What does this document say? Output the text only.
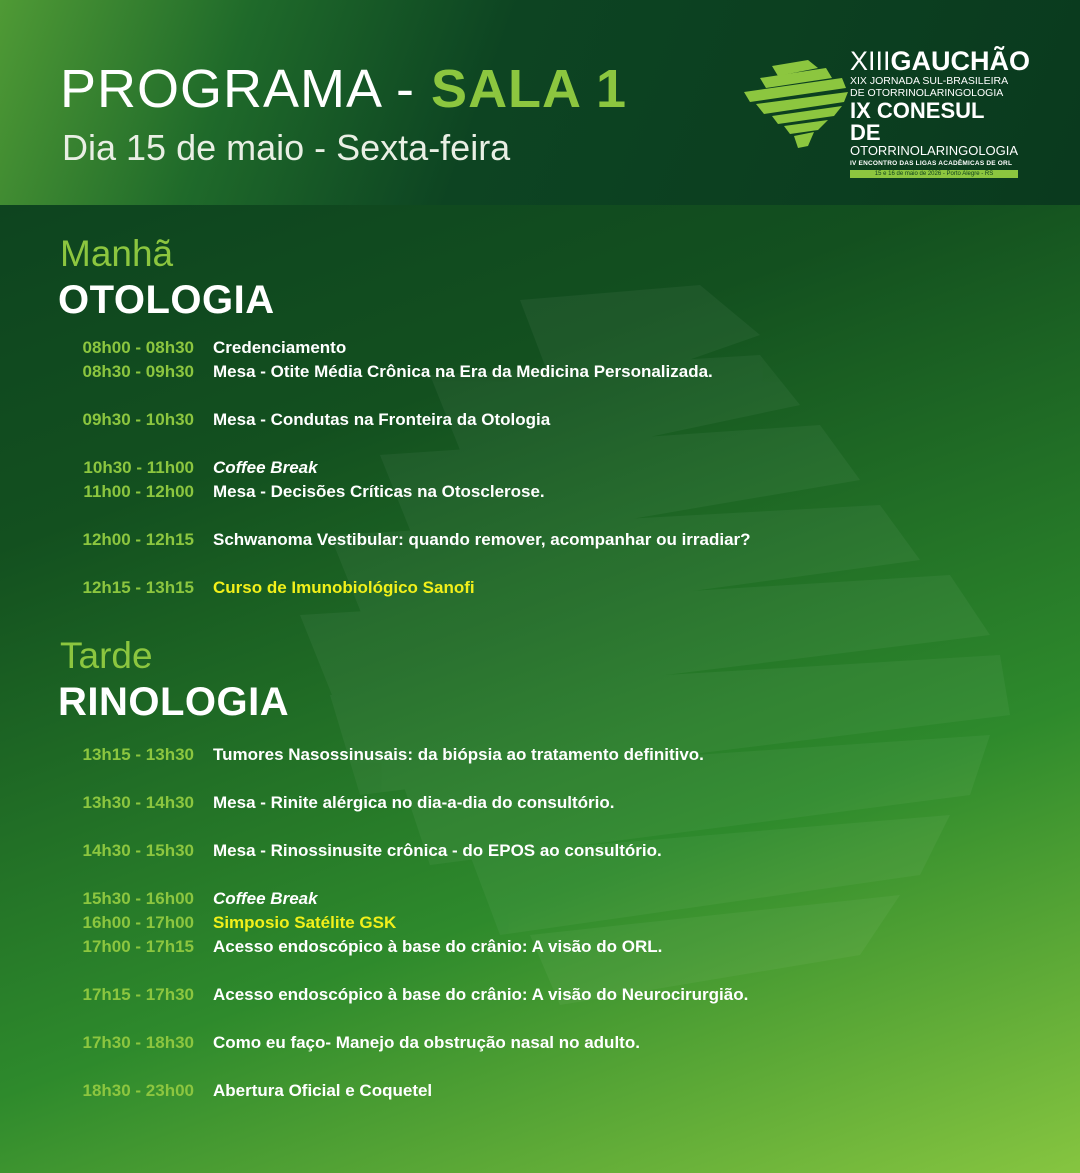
PROGRAMA - SALA 1
Dia 15 de maio - Sexta-feira
XIIIGAUCHÃO
XIX JORNADA SUL-BRASILEIRA
DE OTORRINOLARINGOLOGIA
IX CONESUL DE
OTORRINOLARINGOLOGIA
IV ENCONTRO DAS LIGAS ACADÊMICAS DE ORL
15 e 16 de maio de 2026 - Porto Alegre - RS
Manhã
OTOLOGIA
08h00 - 08h30 Credenciamento
08h30 - 09h30 Mesa - Otite Média Crônica na Era da Medicina Personalizada.
09h30 - 10h30 Mesa - Condutas na Fronteira da Otologia
10h30 - 11h00 Coffee Break
11h00 - 12h00 Mesa - Decisões Críticas na Otosclerose.
12h00 - 12h15 Schwanoma Vestibular: quando remover, acompanhar ou irradiar?
12h15 - 13h15 Curso de Imunobiológico Sanofi
Tarde
RINOLOGIA
13h15 - 13h30 Tumores Nasossinusais: da biópsia ao tratamento definitivo.
13h30 - 14h30 Mesa - Rinite alérgica no dia-a-dia do consultório.
14h30 - 15h30 Mesa - Rinossinusite crônica - do EPOS ao consultório.
15h30 - 16h00 Coffee Break
16h00 - 17h00 Simposio Satélite GSK
17h00 - 17h15 Acesso endoscópico à base do crânio: A visão do ORL.
17h15 - 17h30 Acesso endoscópico à base do crânio: A visão do Neurocirurgião.
17h30 - 18h30 Como eu faço- Manejo da obstrução nasal no adulto.
18h30 - 23h00 Abertura Oficial e Coquetel
